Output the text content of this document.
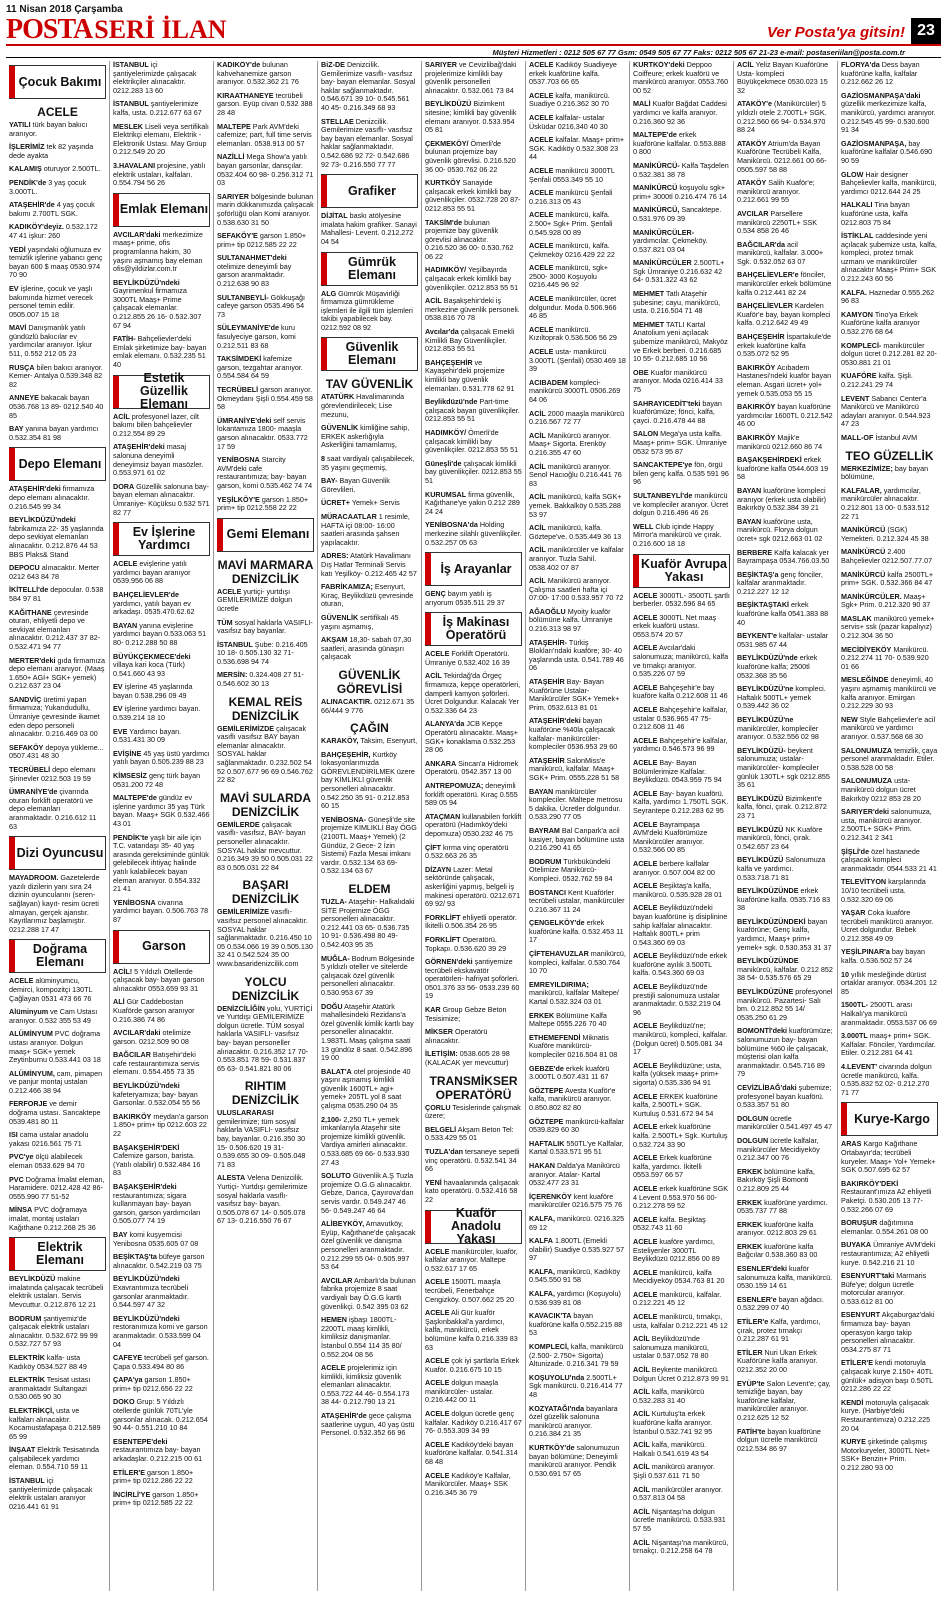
11 Nisan 2018 Çarşamba
POSTA SERİ İLAN	Ver Posta'ya gitsin! 23
Müşteri Hizmetleri : 0212 505 67 77 Gsm: 0549 505 67 77 Faks: 0212 505 67 21-23 e-mail: postaseriilan@posta.com.tr
Çocuk Bakımı
ACELE
YATILI türk bayan bakıcı aranıyor.
İŞLERİMİZ tek 82 yaşında dede ayakta
KALAMIŞ oturuyor 2.500TL.
PENDİK'de 3 yaş çocuk 3.000TL.
ATAŞEHİR'de 4 yaş çocuk bakımı 2.700TL SGK.
KADIKÖY'deyiz. 0.532.172 47 41 işkur: 260
YEDİ yaşındaki oğlumuza ev temizlik işlerine yabancı genç bayan 600 $ maaş 0530.974 70 90
EV işlerine, çocuk ve yaşlı bakımında hizmet verecek personel temin edilir. 0505.007 15 18
MAVİ Danışmanlık yatılı gündüzlü bakıcılar ev yardımcılar aranıyor. İşkur 511, 0.552 212 05 23
RUSÇA bilen bakıcı aranıyor. Kemer- Antalya 0.539.348 82 82
ANNEYE bakacak bayan 0536.768 13 89- 0212.540 40 85
BAY yanına bayan yardımcı 0.532.354 81 98
Depo Elemanı
ATAŞEHİR'deki firmamıza depo elemanı alınacaktır. 0.216.545 99 34
BEYLİKDÜZÜ'ndeki fabrikamıza 22- 35 yaşlarında depo sevkiyat elemanları alınacaktır. 0.212.876 44 53 BBS Plaks& Stand
DEPOCU alınacaktır. Merter 0212 643 84 78
İKİTELLİ'de depocular. 0.538 584 97 81
KAĞITHANE çevresinde oturan, ehliyetli depo ve sevkiyat elemanları alınacaktır. 0.212.437 37 82- 0.532.471 94 77
MERTER'deki gıda firmamıza depo elemanı aranıyor. (Maaş 1.650+ AGİ+ SGK+ yemek) 0.212.637 23 04
SANDVİÇ üretimi yapan firmamıza; Yukarıdudullu, Ümraniye çevresinde ikamet eden depo personeli alınacaktır. 0.216.469 03 00
SEFAKÖY depoya yükleme... 0507.431 48 30
TECRÜBELİ depo elemanı Şirinevler 0212.503 19 59
ÜMRANİYE'de çivarında oturan forklift operatörü ve depo elemanları aranmaktadır. 0.216.612 11 63
Dizi Oyuncusu
MAYADROOM. Gazetelerde yazılı dizilerin yanı sıra 24 dizinin oyuncularını (seren- sağlayan) kayıt- resim ücreti almayan, gerçek ajanstır. Kayıtlarımız başlamıştır. 0212.288 17 47
Doğrama Elemanı
ACELE alüminyumcu, demirci, kompozitçi 130TL Çağlayan 0531 473 66 76
Alüminyum ve Cam Ustası aranıyor. 0.532 355 53 49
ALÜMİNYUM PVC doğrama ustası aranıyor. Dolgun maaş+ SGK+ yemek Zeytinburnu 0.533.441 03 18
ALÜMİNYUM, cam, pimapen ve panjur montaj ustaları 0.212.466 38 94
FERFORJE ve demir doğrama ustası. Sancaktepe 0539.481 80 11
ISI cama ustalar anadolu yakası 0216.561 75 71
PVC'ye ölçü alabilecek eleman 0533.629 94 70
PVC Doğrama İmalat eleman, Haramidere. 0212.428 42 86- 0555.990 77 51-52
MİNSA PVC doğramaya imalat, montaj ustaları Kağıthane 0.212.268 25 36
Elektrik Elemanı
BEYLİKDÜZÜ makine imalatında çalışacak tecrübeli elektrik ustaları. Servis Mevcuttur. 0.212.876 12 21
BODRUM şantiyemiz'de çalışacak elektrik ustaları alınacaktır. 0.532.672 99 99 0.532.727 57 93
ELEKTRİK kalfa- usta Kadıköy 0534.527 88 49
ELEKTRİK Tesisat ustası aranmaktadır Sultangazi 0.530.065 90 30
ELEKTRİKÇİ, usta ve kalfaları alınacaktır. Kocamustafapaşa 0.212.589 65 99
İNŞAAT Elektrik Tesisatında çalışabilecek yardımcı eleman. 0.554.710 59 11
İSTANBUL içi şantiyelerimizde çalışacak elektrik ustaları aranıyor 0216.441 61 91
İSTANBUL içi şantiyelerimizde çalışacak elektrikçiler alınacaktır. 0212.283 13 60
İSTANBUL şantiyelerimize kalfa, usta. 0.212.677 63 67
MESLEK Liseli veya sertifikalı Elektrikçi elemanı, Elektrik - Elektronik Ustası. May Group 0.212.549 20 20
3.HAVALANI projesine, yatılı elektrik ustaları, kalfaları. 0.554.794 56 26
Emlak Elemanı
AVCILAR'daki merkezimize maaş+ prime, ofis programlarına hakim, 30 yaşını aşmamış bay eleman ofis@yildizlar.com.tr
BEYLİKDÜZÜ'ndeki Gayrimenkul firmamıza 3000TL Maaş+ Prime çalışacak elemanlar. 0.212.855 26 16- 0.532.307 67 94
FATİH- Bahçelievler'deki Emlak şirketimize bay- bayan emlak elemanı. 0.532.235 51 40
Estetik Güzellik Elemanı
ACİL profesyonel lazer, cilt bakımı bilen bahçelievler 0.212.554 89 29
ATAŞEHİR'deki masaj salonuna deneyimli deneyimsiz bayan masözler. 0.553.971 61 02
DORA Güzellik salonuna bay- bayan eleman alınacaktır. Ümraniye- Küçüksu 0.532 571 82 77
Ev İşlerine Yardımcı
ACELE evişlerine yatılı yardımcı bayan aranıyor 0539.956 06 88
BAHÇELİEVLER'de yardımcı, yatılı bayan ev arkadaşı. 0535.470.62.62
BAYAN yanına evişlerine yardımcı bayan 0.533.063 51 80- 0.212.288 50 88
BÜYÜKÇEKMECE'deki villaya kari koca (Türk) 0.541.660 43 93
EV işlerine 45 yaşlarında bayan 0.538.296 09 49
EV işlerine yardımcı bayan. 0.539.214 18 10
EVE Yardımcı bayan. 0.531.431 30 09
EVİŞİNE 45 yaş üstü yardımcı yatılı bayan 0.505.239 88 23
KİMSESİZ genç türk bayan 0531.200 72 48
MALTEPE'de gündüz ev işlerine yardımcı 35 yaş Türk bayan. Maaş+ SGK 0.532.466 43 01
PENDİK'te yaşlı bir aile için T.C. vatandaşı 35- 40 yaş arasında gereksiminde günlük gelebilecek ihtiyaç halinde yatılı kalabilecek bayan eleman aranıyor. 0.554.332 21 41
YENİBOSNA civarına yardımcı bayan. 0.506.763 78 87
Garson
ACİL! 5 Yıldızlı Otellerde çalışacak bay- bayan garson alınacaktır 0553.659 93 31
ALİ Gür Caddebostan Kuaförde garson aranıyor 0.216.386 74 86
AVCILAR'daki otelimize garson. 0212.509 90 08
BAĞCILAR Batışehir'deki cafe restaurantımıza servis elemanı. 0.554.455 73 35
BEYLİKDÜZÜ'ndeki kafeteryamıza; bay- bayan Garsonlar. 0.532.054 55 56
BAKIRKÖY meydan'a garson 1.850+ prim+ tip 0212.603 22 22
BAŞAKŞEHİR'DEKİ Cafemize garson, barista. (Yatılı olabilir) 0.532.484 16 83
BAŞAKŞEHİR'deki restaurantımıza; sigara kullanmayan bay- bayan garson, garson yardımcıları 0.505.077 74 19
BAY komi kuşyemcisi Yenibosna 0535.605 07 08
BEŞİKTAŞ'ta büfeye garson alınacaktır. 0.542.219 03 75
BEYLİKDÜZÜ'ndeki Exavrantımıza tecrübeli garsonlar aranmaktadır. 0.544.597 47 32
BEYLİKDÜZÜ'ndeki restoranımıza komi ve garson aranmaktadır. 0.533.599 04 04
CAFEYE tecrübeli şef garson. Çapa 0.533.494 80 86
ÇAPA'ya garson 1.850+ prim+ tip 0212.656 22 22
DOKO Grup: 5 Yıldızlı otellerde günlük 70TL'yle garsonlar alınacak. 0.212.654 90 44- 0.551.210 10 84
ESENTEPE'deki restaurantımıza bay- bayan arkadaşlar. 0.212.215 00 61
ETİLER'E garson 1.850+ prim+ tip 0212.286 22 22
İNCİRLİ'YE garson 1.850+ prim+ tip 0212.585 22 22
KADIKÖY'de bulunan kahvehanemize garson aranıyor. 0.532.362 21 76
KIRAATHANEYE tecrübeli garson. Eyüp civarı 0.532 388 28 48
MALTEPE Park AVM'deki cafemize; part, full time servis elemanları. 0538.913 00 57
NAZİLLİ Mega Show'a yatılı bayan garsonlar, dansçılar. 0532.404 60 98- 0.256.312 71 03
SARIYER bölgesinde bulunan marin dükkanımızda çalışacak şoförlüğü olan Komi aranıyor. 0.538.630 31 50
SEFAKÖY'E garson 1.850+ prim+ tip 0212.585 22 22
SULTANAHMET'deki otelimize deneyimli bay garson aranmaktadır. 0.212.638 90 83
SULTANBEYLİ- Gökkuşağı cafeye garson 0535.496 54 73
SÜLEYMANİYE'de kuru fasulyeciye garson, komi 0.212.511 83 68
TAKSİMDEKİ kafemize garson, tezgahtar aranıyor. 0.554.584 64 59
TECRÜBELİ garson aranıyor. Okmeydanı Şişli 0.554.459 58 58
ÜMRANİYE'deki self servis lokantamıza 1800- maaşla garson alınacaktır. 0533.772 17 59
YENİBOSNA Starcity AVM'deki cafe restaurantımıza; bay- bayan garson, komi 0.535.462 74 74
YEŞİLKÖY'E garson 1.850+ prim+ tip 0212.558 22 22
Gemi Elemanı
MAVİ MARMARA DENİZCİLİK
ACELE yurtiçi- yurtdışı GEMİLERİMİZE dolgun ücretle
TÜM sosyal haklarla VASIFLI- vasıfsız bay bayanlar.
İSTANBUL Şube: 0.216.405 10 18- 0.505.130 32 71- 0.536.698 94 74
MERSİN: 0.324.408 27 51- 0.546.602 30 13
KEMAL REİS DENİZCİLİK
GEMİLERİMİZDE çalışacak vasıflı vasıfsız BAY bayan elemanlar alınacaktır. SOSYAL haklar sağlanmaktadır. 0.232.502 54 52 0.507.677 96 69 0.546.762 22 82
MAVİ SULARDA DENİZCİLİK
GEMİLERDE çalışacak vasıflı- vasıfsız, BAY- bayan personeller alınacaktır. SOSYAL haklar mevcuttur. 0.216.349 39 50 0.505.031 22 83 0.505.031 22 84
BAŞARI DENİZCİLİK
GEMİLERİMİZE vasıflı- vasıfsız personel alınacaktır. SOSYAL haklar sağlanmaktadır. 0.216.450 10 05 0.534.066 19 39 0.505.130 32 41 0.542.524 35 00 www.basaridenizcilik.com
YOLCU DENİZCİLİK
DENİZCİLİĞİN yolu, YURTİÇİ ve Yurtdışı GEMİLERİMİZE dolgun ücretle. TÜM sosyal haklarla VASIFLI- vasıfsız bay- bayan personeller alınacaktır. 0.216.352 17 70- 0.553.851 78 59- 0.531.837 65 63- 0.541.821 80 06
RIHTIM DENİZCİLİK
ULUSLARARASI gemilerimize; tüm sosyal haklarla VASIFLI- vasıfsız bay, bayanlar. 0.216.350 30 15- 0.506.620 19 31- 0.539.655 30 09- 0.505.048 71 83
ALESTA Velena Denizcilik. Yurtiçi- Yurtdışı gemilerimize sosyal haklarla vasıflı- vasıfsız bay- bayan. 0.505.078 67 14- 0.505.078 67 13- 0.216.550 76 67
BiZ-DE Denizcilik. Gemilerimize vasıflı- vasıfsız bay- bayan elemanlar. Sosyal haklar sağlanmaktadır. 0.546.671 39 10- 0.545.561 40 45- 0.216.349 68 93
STELLAE Denizcilik. Gemilerimize vasıflı- vasıfsız bay bayan elemanlar. Sosyal haklar sağlanmaktadır. 0.542.686 92 72- 0.542.686 92 73- 0.216.550 77 77
Grafiker
DİJİTAL baskı atölyesine imalata hakim grafiker. Sanayi Mahallesi- Levent. 0.212.272 04 54
Gümrük Elemanı
ALG Gümrük Müşavirliği firmamıza gümrükleme işlemleri ile ilgili tüm işlemleri takibi yapabilecek bay. 0212.592 08 92
Güvenlik Elemanı
TAV GÜVENLİK
ATATÜRK Havalimanında görevlendirilecek; Lise mezunu,
GÜVENLİK kimliğine sahip, ERKEK askerlığıyla Askerliğini tamamlamış,
8 saat vardiyalı çalışabilecek, 35 yaşını geçmemiş,
BAY- Bayan Güvenlik Görevlileri.
ÜCRET+ Yemek+ Servis
MÜRACAATLAR 1 resimle, HAFTA içi 08:00- 16:00 saatleri arasında şahsen yapılacaktır.
ADRES: Atatürk Havalimanı Dış Hatlar Terminali Servis katı Yeşilköy- 0.212.465 42 57
FABRİKAMIZA; Esenyurt, Kıraç, Beylikdüzü çevresinde oturan,
GÜVENLİK sertifikalı 45 yaşını aşmamış,
AKŞAM 18,30- sabah 07,30 saatleri, arasında günaşırı çalışacak
GÜVENLİK GÖREVLİSİ
ALINACAKTIR. 0212.671 35 66/444 9 776
ÇAĞIN
KARAKÖY, Taksim, Esenyurt,
BAHÇEŞEHİR, Kurtköy lokasyonlarımızda GÖREVLENDİRİLMEK üzere bay KİMLİKLİ güvenlik personelleri alınacaktır. 0.542.250 35 91- 0.212.853 60 15
YENİBOSNA- Güneşli'de site projemize KİMLİKLİ Bay ÖGG (2100TL Maaş+ Yemek) (2 Gündüz, 2 Gece- 2 İzin Sistemi) Fazla Mesai imkanı vardır. 0.532.134 63 69- 0.532.134 63 67
ELDEM
TUZLA- Ataşehir- Halkalıdaki SİTE Projemize ÖGG personelleri alınacaktır. 0.212.441 03 65- 0.536.735 10 91- 0.536.498 80 49- 0.542.403 95 35
MUĞLA- Bodrum Bölgesinde 5 yıldızlı oteller ve sitelerde çalışacak özel güvenlik personelleri alınacaktır. 0.530.953 67 39
DOĞU Ataşehir Atatürk mahallesindeki Rezidans'a özel güvenlik kimlik kartlı bay personeller alınacaktır. 1.983TL Maaş çalışma saati 13 gündüz 8 saat. 0.542.896 19 00
BALAT'A otel projesinde 40 yaşını aşmamış kimlikli güvenlik 1600TL+ agi+ yemek+ 205TL yol 8 saat çalışma 0535.290 04 35
2,100- 2,250 TL+ yemek imkanlarıyla Ataşehir site projemize kimlikli güvenlik. Vardiya amirleri alınacaktır. 0.533.685 69 66- 0.533.930 27 43
SOLUTO Güvenlik A.Ş Tuzla projemize O.G.G alınacaktır. Gebze, Darıca, Çayırova'dan servis vardır. 0.549.247 46 56- 0.549.247 46 64
ALİBEYKÖY, Arnavutköy, Eyüp, Kağıthane'de çalışacak özel güvenlik ve danışma personelleri aranmaktadır. 0.212.299 55 04- 0.505.997 53 64
AVCILAR Ambarlı'da bulunan fabrika projemize 8 saat vardiyalı bay Ö.G.G kartlı güvenlikçi. 0.542 395 03 62
HEMEN işbaşı 1800TL- 2200TL maaş kimlikli, kimliksiz danışmanlar. İstanbul 0.554 114 35 80/ 0.552.204 08 56
ACELE projelerimiz için kimlikli, kimliksiz güvenlik elemanları alınacaktır. 0.553.722 44 46- 0.554.173 38 44- 0.212.790 13 21
ATAŞEHİR'de gece çalışma saatlerine uygun, 40 yaş üstü Personel. 0.532.352 66 96
SARIYER ve Cevizlibağ'daki projelerimize kimlikli bay güvenlik personelleri alınacaktır. 0.532.061 73 84
BEYLİKDÜZÜ Bizimkent sitesine; kimlikli bay güvenlik elemanı aranıyor. 0.533.954 05 81
ÇEKMEKÖY/ Ömerli'de bulunan projemize bay güvenlik görevlisi. 0.216.520 36 00- 0530.762 06 22
KURTKÖY Sanayide çalışacak erkek kimlikli bay güvenlikçiler. 0532.728 20 87- 0212.853 55 51
TAKSİM'de bulunan projemize bay güvenlik görevlisi alınacaktır. 0.216.520 36 00- 0.530.762 06 22
HADIMKÖY/ Yeşilbayırda çalışacak erkek kimlikli bay güvenlikçiler. 0212.853 55 51
ACİL Başakşehir'deki iş merkezine güvenlik personeli. 0538.816 70 78
Avcılar'da çalışacak Emekli Kimlikli Bay Güvenlikçiler. 0212.853 55 51
BAHÇEŞEHİR ve Kayaşehir'deki projemize kimlikli bay güvenlik elemanları. 0.531.778 62 91
Beylikdüzü'nde Part-time çalışacak bayan güvenlikçiler. 0212.853 55 51
HADIMKÖY/ Ömerli'de çalışacak kimlikli bay güvenlikçiler. 0212.853 55 51
Güneşli'de çalışacak kimlikli bay güvenlikçiler. 0212.853 55 51
KURUMSAL firma güvenlik, Kağıthane'ye yakın 0.212 289 24 24
YENİBOSNA'da Holding merkezine silahlı güvenlikçiler. 0.532.257 05 63
İş Arayanlar
GENÇ bayım yatılı iş arıyorum 0535.511 29 37
İş Makinası Operatörü
ACELE Forklift Operatörü. Ümraniye 0.532.402 16 39
ACİL Tekirdağ'da Örgeç firmamıza, kepçe operatörleri, damperli kamyon şoförleri. Ücret Dolgundur. Kalacak Yer 0.532.336 64 23
ALANYA'da JCB Kepçe Operatörü alınacaktır. Maaş+ SGK+ konaklama 0.532.253 28 06
ANKARA Sincan'a Hidromek Operatörü. 0542.357 13 00
ANTREPOMUZA; deneyimli forklift operatörü. Kıraç 0.555 589 05 94
ATAÇMAN kullanabilen forklift operatörü (Hadımköy'deki depomuza) 0530.232 46 75
ÇİFT kırma vinç operatörü 0.532.663 26 35
DİZAYN Lazer: Metal sektöründe çalışacak, askerliğini yapmış, belgeli iş makinesi operatörü. 0212.671 69 92/ 93
FORKLİFT ehliyetli operatör. İkitelli 0.506.354 26 95
FORKLİFT Operatörü. Topkapı. 0.536.620 39 29
GÖRNEN'deki şantiyemize tecrübeli ekskavatör operatörleri- hafriyat şoförleri. 0501.376 33 56- 0533.239 60 19
KAR Group Gebze Beton Tesisimize;
MİKSER Operatörü alınacaktır.
İLETİŞİM: 0538.605 28 98 (KALACAK yer mevcuttur)
TRANSMİKSER OPERATÖRÜ
ÇORLU Tesislerinde çalışmak üzere;
BELGELİ Akşam Beton Tel: 0.533.429 55 01
TUZLA'dan tersaneye sepetli vinç operatörü. 0.532.541 34 66
YENİ havaalanında çalışacak kato operatörü. 0.532.416 58 22
Kuaför Anadolu Yakası
ACELE manikürcüler, kuaför, kalfalar aranıyor. Maltepe 0.532.617 17 65
ACELE 1500TL maaşla tecrübeli, Fenerbahçe Cengizköy. 0.507.662 25 20
ACELE Ali Gür kuaför Şaşkınbakkal'a yardımcı, kalfa, manikürcü, erkek bölümüne kalfa 0.216.339 83 63
ACELE çok iyi şartlarla Erkek Kuaför. 0.216.675 10 15
ACELE dolgun maaşla manikürcüler- ustalar. 0.216.442 00 11
ACELE dolgun ücretle genç kalfalar. Kadıköy 0.216.417 67 76- 0.553.309 34 99
ACELE Kadıköy'deki bayan kuaförüne kalfalar. 0.541.314 68 48
ACELE Kadıköy'e Kalfalar, Manikürcüler. Maaş+ SSK 0.216.345 36 79
ACELE Kadıköy Suadiyeye erkek kuaförüne kalfa. 0537.703 66 65
ACELE kalfa, manikürcü. Suadiye 0.216.362 30 70
ACELE kalfalar- ustalar Üsküdar 0216.340 40 30
ACELE kalfalar. Maaş+ prim+ SGK. Kadıköy 0.532.308 23 44
ACELE manikürcü 3000TL Şenfali 0553.349 55 10
ACELE manikürcü Şenfali 0.216.313 05 43
ACELE manikürcü, kalfa. 2.500+ Sgk+ Prim. Şenfali 0.545.928 00 89
ACELE manikürcü, kalfa. Çekmeköy 0216.429 22 22
ACELE manikürcü, sgk+ 2500- 3000 Koşuyolu 0216.445 96 92
ACELE manikürcüler, ücret dolgundur. Moda 0.506.966 46 85
ACELE manikürcü. Kızıltoprak 0.536.506 56 29
ACELE usta- manikürcü 3.000TL (Şenfali) 0530.469 18 39
ACIBADEM kompleci- manikürcü 3000TL 0506.269 64 06
ACİL 2000 maaşla manikürcü 0.216.567 72 77
ACİL Manikürcü aranıyor. Maaş+ Sigorta. Erenköy 0.216.355 47 60
ACİL manikürcü aranıyor. Senol Hacıoğlu 0.216.441 76 83
ACİL manikürcü, kalfa SGK+ yemek. Bakkalköy 0.535.288 53 97
ACİL manikürcü, kalfa. Göztepe've. 0.535.449 36 13
ACİL manikürcüler ve kalfalar aranıyor. Tuzla Sahil. 0538.402 07 87
ACİL Manikürcü aranıyor. Çalışma saatleri hafta içi 07:00- 17:00 0.533.957 70 72
AĞAOĞLU Myoity kuaför bölümüne kalfa. Ümraniye 0.216.313 98 97
ATAŞEHİR- Türkiş Blokları'ndaki kuaföre; 30- 40 yaşlarında usta. 0.541.789 46 06
ATAŞEHİR Bay- Bayan Kuaförüne Ustalar- Manikürcüler SGK+ Yemek+ Prim. 0532.613 81 01
ATAŞEHİR'deki bayan kuaförüne %40la çalışacak kalfalar- manikürcüler- kompleciler 0536.953 29 60
ATAŞEHİR SalonMiss'e manikürcü, kalfalar. Maaş+ SGK+ Prim. 0555.228 51 58
BAYAN manikürcüler kompleciler. Maltepe metrosu 5 dakika. Ücretler dolgundur. 0.533.290 77 05
BAYRAM Bal Canpark'a acil kasiyer, bayan bölümüne usta 0.216.290 41 65
BODRUM Türkbükündeki Otelimize Manikürcü- Kompleci. 0532.762 59 84
BOSTANCI Kent Kuaförler tecrübeli ustalar, manikürcüler 0.216.367 11 24
ÇENGELKÖY'de erkek kuaförüne kalfa. 0.532.453 11 17
ÇİFTEHAVUZLAR manikürcü, kompleci, kalfalar. 0.530.764 10 70
EMREYILDIRIMA; manikürcü, kalfalar Maltepe/ Kartal 0.532.324 03 01
ERKEK Bölümüne Kalfa Maltepe 0555.226 70 40
ETHEMEFENDİ Miknatis Kuaföre manikürcü- kompleciler 0216.504 81 08
GEBZE'de erkek kuaförü 3.000TL 0.507.431 11 67
GÖZTEPE Avesta Kuaför'e kalfa, manikürcü aranıyor. 0.850.802 82 80
GÖZTEPE manikürcü-kalfalar 0539.829 60 30
HAFTALIK 550TL'ye Kalfalar, Kartal 0.533.571 95 51
HAKAN Dalda'ya Manikürcü aranıyor. Atalar- Kartal 0532.477 23 31
İÇERENKÖY kent kuaföre manikürcüler 0216.575 75 76
KALFA, manikürcü. 0216.325 69 12
KALFA 1.800TL (Emekli olabilir) Suadiye 0.535.927 57 97
KALFA, manikürcü, Kadıköy 0.545.550 91 58
KALFA, yardımcı (Koşuyolu) 0.536.939 81 08
KAVACIK'TA bayan kuaförüne kalfa 0.552.215 88 53
KOMPLECİ, kalfa, manikürcü (2.500- 2.750+ Sigorta) Altunizade. 0.216.341 79 59
KOŞUYOLU'nda 2.500TL+ Sgk manikürcü. 0.216.414 77 48
KOZYATAĞI'nda bayanlara özel güzellik salonuna manikürcü aranıyor. 0.216.384 21 35
KURTKÖY'de salonumuzun bayan bölümüne; Deneyimli manikürcü aranıyor. Pendik 0.530.691 57 65
KURTKÖY'deki Deppoo Coiffeure; erkek kuaförü ve manikürcü aranıyor. 0553.760 00 52
MALİ Kuaför Bağdat Caddesi yardımcı ve kalfa aranıyor. 0.216.360 92 36
MALTEPE'de erkek kuaförüne kalfalar. 0.553.888 0 800
MANİKÜRCÜ- Kalfa Taşdelen 0.532.381 38 78
MANİKÜRCÜ koşuyolu sgk+ prim+ 3000tl 0.216.474 76 14
MANİKÜRCÜ, Sancaktepe. 0.531.976 09 39
MANİKÜRCÜLER- yardımcılar. Çekmeköy. 0.537.821 03 04
MANİKÜRCÜLER 2.500TL+ Sgk Ümraniye 0.216.632 42 64- 0.531.322 43 62
MEHMET Tatlı Ataşehir şubesine; cayu, manikürcü, usta. 0.216.504 71 48
MEHMET TATLI Kartal Anatolium yeni açılacak şubemize manikürcü, Makyöz ve Erkek berberi. 0.216.685 10 55- 0.212.685 10 56
OBE Kuaför manikürcü aranıyor. Moda 0216.414 33 75
SAHRAYICEDİT'teki bayan kuaförümüze; fönci, kalfa, çayci. 0.216.478 44 88
SALON Mega'ya usta kalfa. Maaş+ prim+ SGK. Ümraniye 0532 573 95 87
SANCAKTEPE'ye fön, örgü bilen genç kalfa. 0.535 591 96 96
SULTANBEYLİ'de manikürcü ve kompleciler aranıyor. Ücret dolgun 0.216.496 46 26
WELL Club içinde Happy Mirror'a manikürcü ve çırak. 0.216.600 18 18
Kuaför Avrupa Yakası
ACELE 3000TL- 3500TL şartlı berberler. 0532.596 84 65
ACELE 3000TL Net maaş erkek kuaförü ustası. 0553.574 20 57
ACELE Avcılar'daki salonumuza; manikürcü, kalfa ve tırnakçı aranıyor. 0.535.226 07 59
ACELE Bahçeşehir'e bay kuaföre kalfa 0.212.608 11 46
ACELE Bahçeşehir'e kalfalar, ustalar 0.536.965 47 75- 0.212.608 11 46
ACELE Bahçeşehir'e kalfalar, yardımcı 0.546.573 96 99
ACELE Bay- Bayan Bölümlerimize Kalfalar. Beylikdüzü. 0543.959 75 94
ACELE Bay- bayan kuaförü. Kalfa, yardımcı 1.750TL SGK. Seyrantepe 0.212.283 62 95
ACELE Bayrampaşa AVM'deki Kuaförümüze Manikürcüler aranıyor. 0.532.566 00 85
ACELE berbere kalfalar aranıyor. 0.507.004 82 00
ACELE Beşiktaş'a kalfa, manikürcü. 0.535.928 28 01
ACELE Beylikdüzü'ndeki bayan kuaförüne iş disiplinine sahip kalfalar alınacaktır. Haftalık 800TL+ prim 0.543.360 69 03
ACELE Beylikdüzü'nde erkek kuaförüne ayılık 3.500TL kalfa. 0.543.360 69 03
ACELE Beylikdüzü'nde prestijli salonumuza ustalar aranmaktadır. 0.532.219 04 96
ACELE Beylikdüzü'ne; manikürcü, kompleci, kalfalar. (Dolgun ücret) 0.505.081 34 17
ACELE Beylikdüzüne; usta, kalfa (yüksek maaş+ prim+ sigorta) 0.535.336 94 91
ACELE ERKEK kuaförüne kalfa, 2.500TL+ SGK. Kurtuluş 0.531.672 94 54
ACELE erkek kuaförüne kalfa. 2.500TL+ Sgk. Kurtuluş 0.532.724 33 90
ACELE Erkek kuaförüne kalfa, yardımcı. İkitelli 0553.597 66 57
ACELE erkek kuaförüne SGK 4 Levent 0.553.970 56 00- 0.212.278 59 52
ACELE kalfa. Beşiktaş 0532.743 11 60
ACELE kuaföre yardımcı, Esteliyenler 3000TL Beylikdüzü 0212.856 00 89
ACELE manikürcü, kalfa Mecidiyeköy 0534.763 81 20
ACELE manikürcü, kalfalar. 0.212.221 45 12
ACELE manikürcü, tırnakçı, usta, kalfalar 0.212.221 45 12
ACİL Beylikdüzü'nde salonumuza manikürcü, ustalar 0.537.052 78 80
ACİL Beykente manikürcü. Dolgun Ücret 0.212.873 99 91
ACİL kalfa, manikürcü 0.532.283 31 40
ACİL Kurtuluş'ta erkek kuaförüne kalfa aranıyor. İstanbul 0.532.741 92 95
ACİL kalfa, manikürcü. Halkalı 0.541.619 43 54
ACİL manikürcü aranıyor. Şişli 0.537.611 71 50
ACİL manikürcüler aranıyor. 0.537.813 04 58
ACİL Nişantaşı'na dolgun ücretle manikürcü. 0.533.931 57 55
ACİL Nişantaşı'na manikürcü, tırnakçı. 0.212.258 64 78
ACİL Yeliz Bayan Kuaförüne Usta- kompleci Büyükçekmece 0530.023 15 32
ATAKÖY'e (Manikürcüler) 5 yıldızlı otele 2.700TL+ SGK. 0.212.560 66 94- 0.534.970 88 24
ATAKÖY Atrium'da Bayan Kuaförüne Tecrübeli Kalfa, Manikürcü. 0212.661 00 66- 0505.597 58 88
ATAKÖY Salih Kuaför'e; manikürcü aranıyor. 0.212.661 99 55
AVCILAR Parsellere manikürcü 2250TL+ SSK 0.534 858 26 46
BAĞCILAR'da acil manikürcü, kalfalar. 3.000+ Sgk. 0.532.052 63 07
BAHÇELİEVLER'e fönciler, manikürcüler erkek bölümüne kalfa 0.212.441 82 24
BAHÇELİEVLER Kardelen Kuaför'e bay, bayan kompleci kalfa. 0.212.642 49 49
BAHÇEŞEHİR İspartakule'de erkek kuaförüne kalfa 0.535.072 52 95
BAKIRKÖY Acıbadem Hastanesi'ndeki kuaför bayan eleman. Asgari ücret+ yol+ yemek 0.535.053 55 15
BAKIRKÖY bayan kuaförüne yardımcılar 1600TL 0.212.542 46 00
BAKIRKÖY Majik'e manikürcü 0212.660 86 74
BAŞAKŞEHİRDEKİ erkek kuaförüne kalfa 0544.603 19 58
BAYAN kuaförüne kompleci aranıyor (erkek usta olabilir) Bakırköy 0.532.384 39 21
BAYAN kuaförüne usta, manikürcü. Florya dolgun ücret+ sgk 0212.663 01 02
BERBERE Kalfa kalacak yer Bayrampaşa 0534.766.03.50
BEŞİKTAŞ'a genç fönciler, kalfalar aranmaktadır. 0.212.227 12 12
BEŞİKTAŞTAKİ erkek kuaförüne kalfa 0541.383 88 40
BEYKENT'e kalfalar- ustalar 0531.985 67 44
BEYLİKDÜZÜ'nde erkek kuaförüne kalfa; 2500tl 0532.368 35 56
BEYLİKDÜZÜ'ne kompleci. Haftalık 500TL+ yemek 0.539.442 36 02
BEYLİKDÜZÜ'ne manikürcüler, kompleciler aranıyor. 0.532.556 02 98
BEYLİKDÜZÜ- beykent salonumuza; ustalar- manikürcüler- kompleciler günlük 130TL+ sgk 0212.855 35 61
BEYLİKDÜZÜ Bizimkent'e kalfa, fönci, çırak. 0.212.872 23 71
BEYLİKDÜZÜ NK Kuaföre manikürcü, fönci, çırak. 0.542.657 23 64
BEYLİKDÜZÜ Salonumuza kalfa ve yardımcı. 0.533.718.71 81
BEYLİKDÜZÜNDE erkek kuaförüne kalfa. 0535.716 83 38
BEYLİKDÜZÜNDEKİ bayan kuaförüne; Genç kalfa, yardımcı, Maaş+ prim+ yemek+ sgk. 0.530.353 31 37
BEYLİKDÜZÜNDE manikürcü, kalfalar. 0.212 852 38 54- 0.535.576 65 29
BEYLİKDÜZÜNE profesyonel manikürcü. Pazartesi- Salı bm. 0.212.852 55 14/ 0535.250 61 29
BOMONTİ'deki kuaförümüze; salonumuzun bay- bayan bölümüne %60 ile çalışacak, müşterisi olan kalfa aranmaktadır. 0.545.716 89 79
CEVİZLİBAĞ'daki şubemize; profesyonel bayan kuaförü. 0.533.357 51 80
DOLGUN ücretle manikürcüler 0.541.497 45 47
DOLGUN ücretle kalfalar, manikürcüler Mecidiyeköy 0.212.347 00 76
ERKEK bölümüne kalfa, Bakırköy Şişli Bomonti 0.212.809 25 44
ERKEK kuaförüne yardımcı. 0535.737 77 88
ERKEK kuaförüne kalfa aranıyor. 0212.803 29 61
ERKEK kuaförüne kalfa Bağcılar 0.538.360 83 00
ESENLER'deki kuaför salonumuza kalfa, manikürcü. 0530.159 14 61
ESENLER'e bayan ağdacı. 0.532.299 07 40
ETİLER'e Kalfa, yardımcı, çırak, protez tırnakçı 0.212.287 61 91
ETİLER Nuri Ukan Erkek Kuaförüne kalfa aranıyor. 0212.352 20 00
EYÜP'te Salon Levent'e; çay, temizliğe bayan, bay kuaförüne kalfalar, manikürcüler aranıyor. 0.212.625 12 52
FATİH'te bayan kuaförüne dolgun ücretle manikürcü 0212.534 86 97
FLORYA'da Dess bayan kuaförüne kalfa, kalfalar 0.212.662 26 12
GAZİOSMANPAŞA'daki güzellik merkezimize kalfa, manikürcü, yardımcı aranıyor. 0.212.545 45 99- 0.530.600 91 34
GAZİOSMANPAŞA, bay kuaförüne kalfalar 0.546.690 90 59
GLOW Hair designer Bahçelievler kalfa, manikürcü, yardımcı 0212.644 24 25
HALKALI Tina bayan kuaförüne usta, kalfa 0212.803 75 84
İSTİKLAL caddesinde yeni açılacak şubemize usta, kalfa, kompleci, protez tırnak uzmanı ve manikürcüler alınacaktır Maaş+ Prim+ SGK 0.212.243 60 56
KALFA. Haznedar 0.555.262 96 83
KAMYON Tino'ya Erkek Kuaförüne kalfa aranıyor 0.532.276 68 64
KOMPLECİ- manikürcüler dolgun ücret 0.212.281 82 20- 0530.881 21 01
KUAFÖRE kalfa. Şişli. 0.212.241 29 74
LEVENT Sabancı Center'a Manikürcü ve Manikürcü adayları aranıyor. 0.544.923 47 23
MALL-OF İstanbul AVM
TEO GÜZELLİK
MERKEZİMİZE; bay bayan bölümüne,
KALFALAR, yardımcılar, manikürcüler alınacaktır. 0.212.801 13 00- 0.533.512 22 71
MANİKÜRCÜ (SGK) Yemekteri. 0.212.324 45 38
MANİKÜRCÜ 2.400 Bahçelievler 0212.507.77.07
MANİKÜRCÜ kalfa 2500TL+ prim+ SGK. 0.532.366 84 47
MANİKÜRCÜLER. Maaş+ Sgk+ Prim. 0.212.320 90 37
MASLAK manikürcü yemek+ servis+ ssk (pazar kapalıyız) 0.212.304 36 50
MECİDİYEKÖY Manikürcü. 0.212.274 11 70- 0.539.920 01 66
MESLEĞİNDE deneyimli, 40 yaşını aşmamış manikürcü ve kalfa aranıyor. Emirgan 0.212.229 30 93
NEW Style Bahçelievler'e acil manikürcü ve yardımcı aranıyor. 0.537.568 68 30
SALONUMUZA temizlik, çaya personel aranmaktadır. Etiler. 0.538.528 00 58
SALONUMUZA usta- manikürcü dolgun ücret Bakırköy 0212 853 28 20
SARIYER'deki salonumuza, usta, manikürcü aranıyor. 2.500TL+ SGK+ Prim. 0.212.341 2 341
ŞİŞLİ'de özel hastanede çalışacak kompleci aranmaktadır. 0544.533 21 41
TELEVİTYON karşılarında 10/10 tecrübeli usta. 0.532.320 69 06
YAŞAR Coka kuaföre tecrübeli manikürcü aranıyor. Ücret dolgundur. Bebek 0.212.358 49 09
YEŞİLPINAR'a bay bayan kalfa. 0.536.502 57 24
10 yıllık mesleğinde dürüst ortaklar aranıyor. 0534.201 12 85
1500TL- 2500TL arası Halkalı'ya manikürcü aranmaktadır. 0553.537 06 69
3.000TL maaş+ prim+ SGK. Kalfalar. Fönciler, Yardımcılar. Etiler. 0.212.281 64 41
4.LEVENT' civarında dolgun ücretle manikürcü, kalfa. 0.535.832 52 02- 0.212.270 71 77
Kurye-Kargo
ARAS Kargo Kağıthane Ortabayır'da; tecrübeli kuryeler. Maaş+ Yol+ Yemek+ SGK 0.507.695 62 57
BAKIRKÖY'DEKİ Restaurant'ımıza A2 ehliyetli Paketçi. 0.530.205 13 77- 0.532.266 07 69
BORUŞUR dağıtımına elemanlar. 0.554.261 08 00
BUYAKA Ümraniye AVM'deki restaurantımıza; A2 ehliyetli kurye. 0.542.216 21 10
ESENYURT'taki Marmaris Büfe'ye; dolgun ücretle motorcular aranıyor. 0.533.612 81 00
ESENYURT Akçaburgaz'daki firmamıza bay- bayan operasyon kargo takip personelleri alınacaktır. 0534.275 87 71
ETİLER'E kendi motoruyla çalışacak kurye 2.150+ 40TL günlük+ adisyon başı 0.50TL 0212.286 22 22
KENDİ motoruyla çalışacak kurye. (Harbiye'deki Restaurantımıza) 0.212.225 20 04
KURYE şirketinde çalışmış Motorkuryeler, 3000TL Net+ SSK+ Benzin+ Prim. 0.212.280 93 00
